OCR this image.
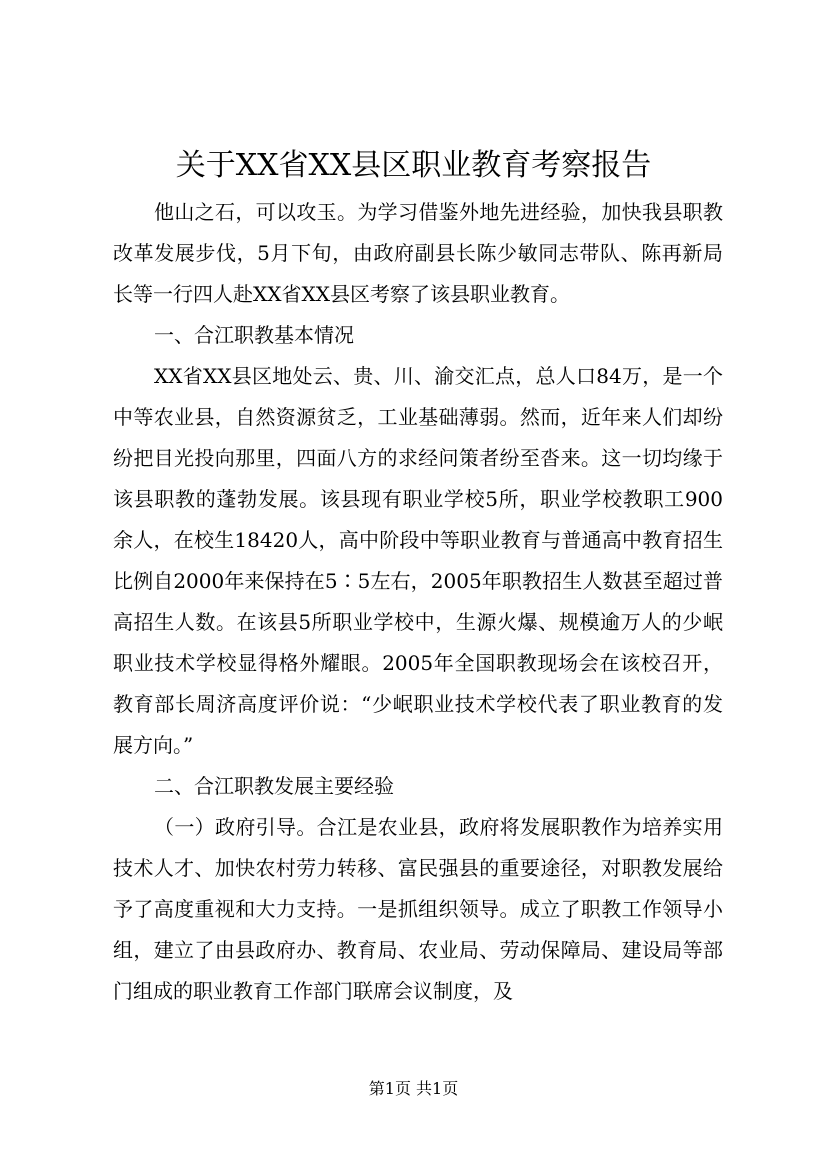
关于XX省XX县区职业教育考察报告

他山之石，可以攻玉。为学习借鉴外地先进经验，加快我县职教改革发展步伐，5月下旬，由政府副县长陈少敏同志带队、陈再新局长等一行四人赴XX省XX县区考察了该县职业教育。

一、合江职教基本情况

XX省XX县区地处云、贵、川、渝交汇点，总人口84万，是一个中等农业县，自然资源贫乏，工业基础薄弱。然而，近年来人们却纷纷把目光投向那里，四面八方的求经问策者纷至沓来。这一切均缘于该县职教的蓬勃发展。该县现有职业学校5所，职业学校教职工900余人，在校生18420人，高中阶段中等职业教育与普通高中教育招生比例自2000年来保持在5∶5左右，2005年职教招生人数甚至超过普高招生人数。在该县5所职业学校中，生源火爆、规模逾万人的少岷职业技术学校显得格外耀眼。2005年全国职教现场会在该校召开，教育部长周济高度评价说：“少岷职业技术学校代表了职业教育的发展方向。”

二、合江职教发展主要经验

（一）政府引导。合江是农业县，政府将发展职教作为培养实用技术人才、加快农村劳力转移、富民强县的重要途径，对职教发展给予了高度重视和大力支持。一是抓组织领导。成立了职教工作领导小组，建立了由县政府办、教育局、农业局、劳动保障局、建设局等部门组成的职业教育工作部门联席会议制度，及

第1页 共1页
